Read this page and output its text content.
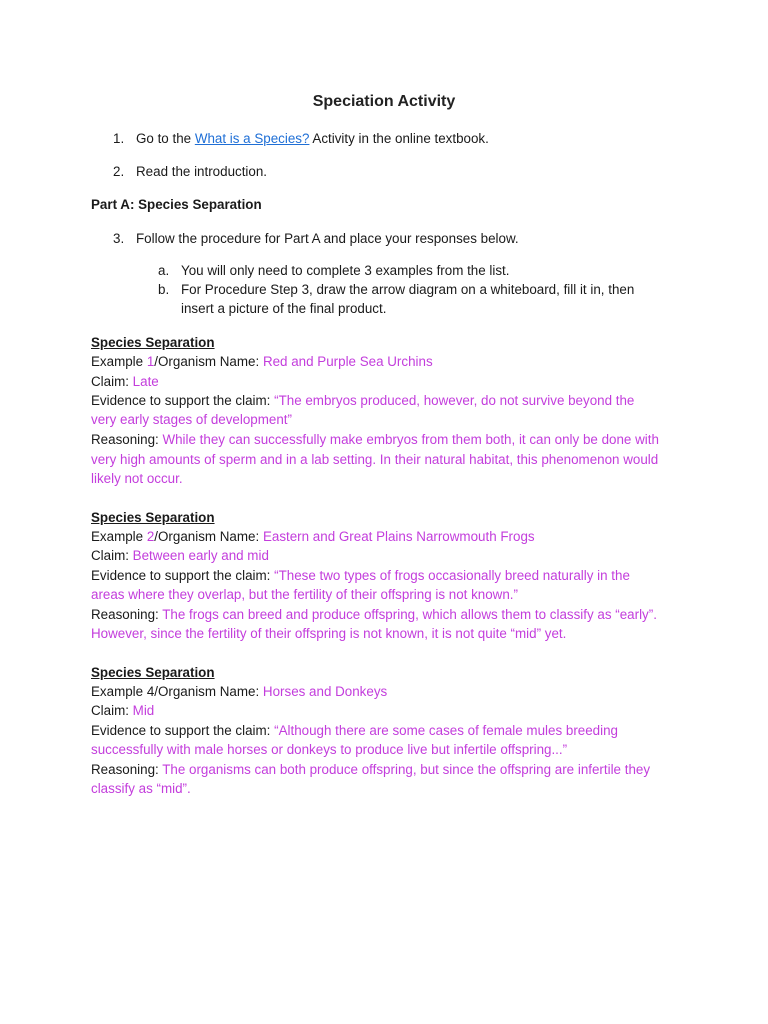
Speciation Activity
1. Go to the What is a Species? Activity in the online textbook.
2. Read the introduction.
Part A: Species Separation
3. Follow the procedure for Part A and place your responses below.
a. You will only need to complete 3 examples from the list.
b. For Procedure Step 3, draw the arrow diagram on a whiteboard, fill it in, then
insert a picture of the final product.
Species Separation
Example 1/Organism Name: Red and Purple Sea Urchins
Claim: Late
Evidence to support the claim: “The embryos produced, however, do not survive beyond the
very early stages of development”
Reasoning: While they can successfully make embryos from them both, it can only be done with
very high amounts of sperm and in a lab setting. In their natural habitat, this phenomenon would
likely not occur.
Species Separation
Example 2/Organism Name: Eastern and Great Plains Narrowmouth Frogs
Claim: Between early and mid
Evidence to support the claim: “These two types of frogs occasionally breed naturally in the
areas where they overlap, but the fertility of their offspring is not known.”
Reasoning: The frogs can breed and produce offspring, which allows them to classify as “early”.
However, since the fertility of their offspring is not known, it is not quite “mid” yet.
Species Separation
Example 4/Organism Name: Horses and Donkeys
Claim: Mid
Evidence to support the claim: “Although there are some cases of female mules breeding
successfully with male horses or donkeys to produce live but infertile offspring...”
Reasoning: The organisms can both produce offspring, but since the offspring are infertile they
classify as “mid”.
